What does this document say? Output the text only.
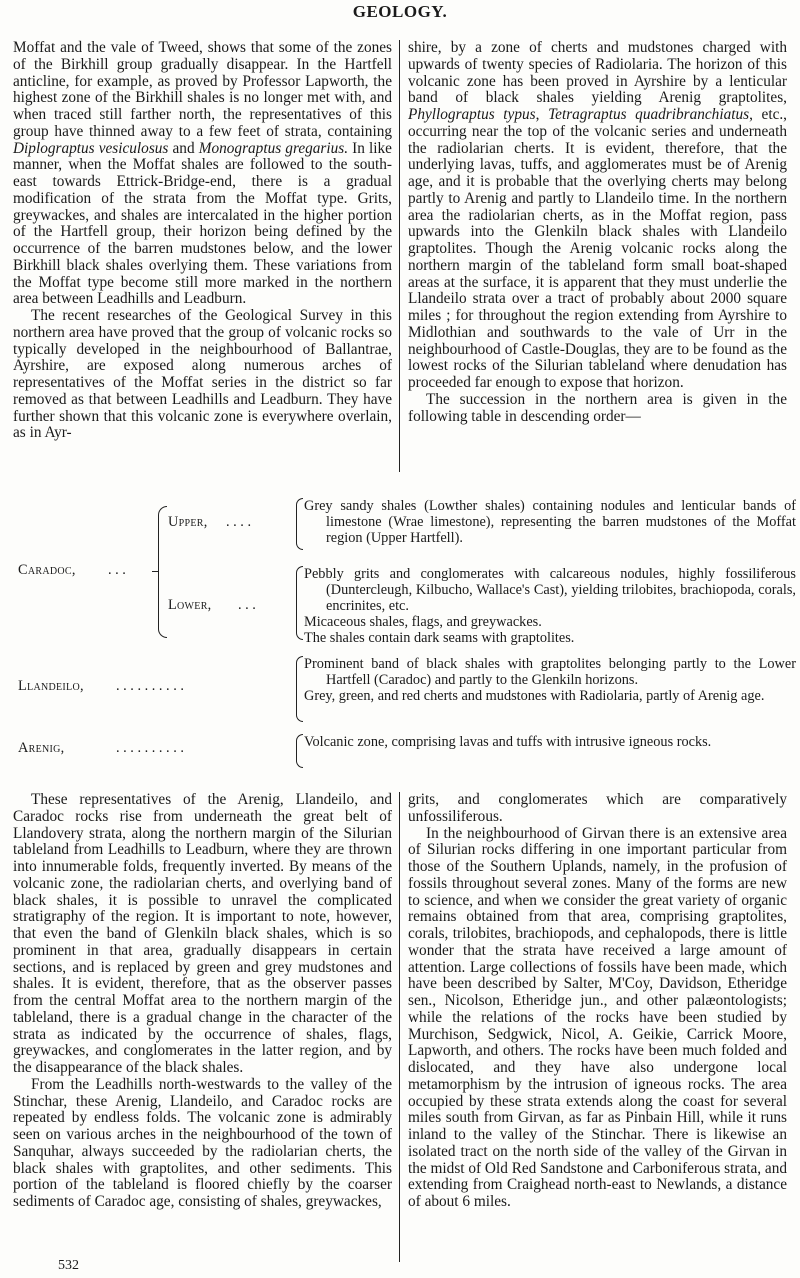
GEOLOGY.

Moffat and the vale of Tweed, shows that some of the zones of the Birkhill group gradually disappear. In the Hartfell anticline, for example, as proved by Professor Lapworth, the highest zone of the Birkhill shales is no longer met with, and when traced still farther north, the representatives of this group have thinned away to a few feet of strata, containing Diplograptus vesiculosus and Monograptus gregarius. In like manner, when the Moffat shales are followed to the south-east towards Ettrick-Bridge-end, there is a gradual modification of the strata from the Moffat type. Grits, greywackes, and shales are intercalated in the higher portion of the Hartfell group, their horizon being defined by the occurrence of the barren mudstones below, and the lower Birkhill black shales overlying them. These variations from the Moffat type become still more marked in the northern area between Leadhills and Leadburn.

The recent researches of the Geological Survey in this northern area have proved that the group of volcanic rocks so typically developed in the neighbourhood of Ballantrae, Ayrshire, are exposed along numerous arches of representatives of the Moffat series in the district so far removed as that between Leadhills and Leadburn. They have further shown that this volcanic zone is everywhere overlain, as in Ayr-

shire, by a zone of cherts and mudstones charged with upwards of twenty species of Radiolaria. The horizon of this volcanic zone has been proved in Ayrshire by a lenticular band of black shales yielding Arenig graptolites, Phyllograptus typus, Tetragraptus quadribranchiatus, etc., occurring near the top of the volcanic series and underneath the radiolarian cherts. It is evident, therefore, that the underlying lavas, tuffs, and agglomerates must be of Arenig age, and it is probable that the overlying cherts may belong partly to Arenig and partly to Llandeilo time. In the northern area the radiolarian cherts, as in the Moffat region, pass upwards into the Glenkiln black shales with Llandeilo graptolites. Though the Arenig volcanic rocks along the northern margin of the tableland form small boat-shaped areas at the surface, it is apparent that they must underlie the Llandeilo strata over a tract of probably about 2000 square miles ; for throughout the region extending from Ayrshire to Midlothian and southwards to the vale of Urr in the neighbourhood of Castle-Douglas, they are to be found as the lowest rocks of the Silurian tableland where denudation has proceeded far enough to expose that horizon.

The succession in the northern area is given in the following table in descending order—

Caradoc, . . .
Upper, . . . .

Grey sandy shales (Lowther shales) containing nodules and lenticular bands of limestone (Wrae limestone), representing the barren mudstones of the Moffat region (Upper Hartfell).

Lower, . . .

Pebbly grits and conglomerates with calcareous nodules, highly fossiliferous (Duntercleugh, Kilbucho, Wallace's Cast), yielding trilobites, brachiopoda, corals, encrinites, etc.

Micaceous shales, flags, and greywackes.

The shales contain dark seams with graptolites.

Llandeilo, . . . . . . . . . .

Prominent band of black shales with graptolites belonging partly to the Lower Hartfell (Caradoc) and partly to the Glenkiln horizons.

Grey, green, and red cherts and mudstones with Radiolaria, partly of Arenig age.

Arenig,	. . . . . . . . . .	Volcanic zone, comprising lavas and tuffs with intrusive igneous rocks.

These representatives of the Arenig, Llandeilo, and Caradoc rocks rise from underneath the great belt of Llandovery strata, along the northern margin of the Silurian tableland from Leadhills to Leadburn, where they are thrown into innumerable folds, frequently inverted. By means of the volcanic zone, the radiolarian cherts, and overlying band of black shales, it is possible to unravel the complicated stratigraphy of the region. It is important to note, however, that even the band of Glenkiln black shales, which is so prominent in that area, gradually disappears in certain sections, and is replaced by green and grey mudstones and shales. It is evident, therefore, that as the observer passes from the central Moffat area to the northern margin of the tableland, there is a gradual change in the character of the strata as indicated by the occurrence of shales, flags, greywackes, and conglomerates in the latter region, and by the disappearance of the black shales.

From the Leadhills north-westwards to the valley of the Stinchar, these Arenig, Llandeilo, and Caradoc rocks are repeated by endless folds. The volcanic zone is admirably seen on various arches in the neighbourhood of the town of Sanquhar, always succeeded by the radiolarian cherts, the black shales with graptolites, and other sediments. This portion of the tableland is floored chiefly by the coarser sediments of Caradoc age, consisting of shales, greywackes,

grits, and conglomerates which are comparatively unfossiliferous.

In the neighbourhood of Girvan there is an extensive area of Silurian rocks differing in one important particular from those of the Southern Uplands, namely, in the profusion of fossils throughout several zones. Many of the forms are new to science, and when we consider the great variety of organic remains obtained from that area, comprising graptolites, corals, trilobites, brachiopods, and cephalopods, there is little wonder that the strata have received a large amount of attention. Large collections of fossils have been made, which have been described by Salter, M'Coy, Davidson, Etheridge sen., Nicolson, Etheridge jun., and other palæontologists; while the relations of the rocks have been studied by Murchison, Sedgwick, Nicol, A. Geikie, Carrick Moore, Lapworth, and others. The rocks have been much folded and dislocated, and they have also undergone local metamorphism by the intrusion of igneous rocks. The area occupied by these strata extends along the coast for several miles south from Girvan, as far as Pinbain Hill, while it runs inland to the valley of the Stinchar. There is likewise an isolated tract on the north side of the valley of the Girvan in the midst of Old Red Sandstone and Carboniferous strata, and extending from Craighead north-east to Newlands, a distance of about 6 miles.

532
